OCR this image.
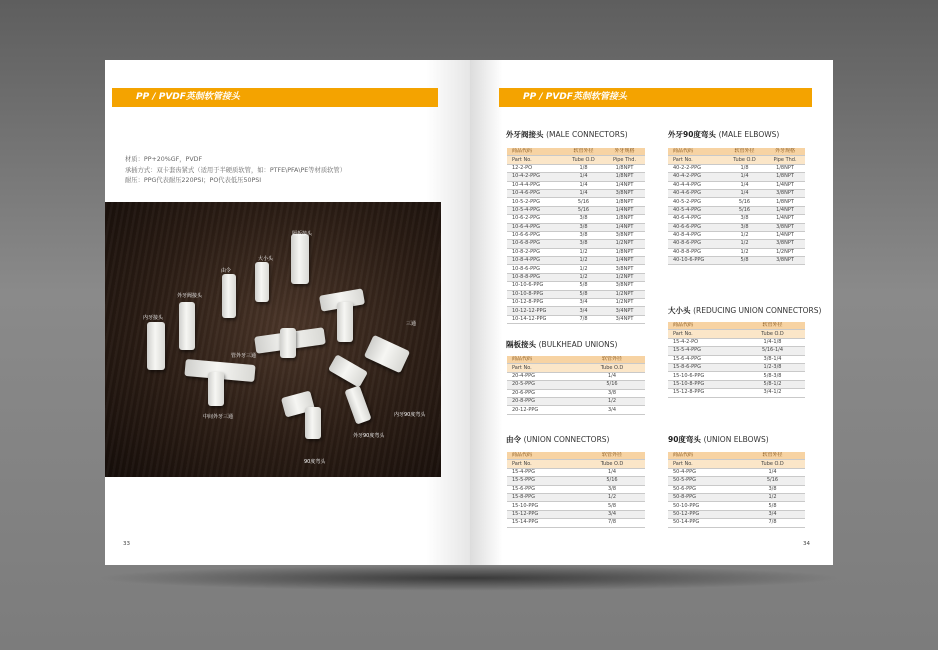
PP / PVDF英制软管接头
材质：PP+20%GF，PVDF
承插方式：双卡套齿紧式（适用于半硬质软管，如：PTFE\PFA\PE等材质软管）
耐压：PPG代表耐压220PSI；PO代表低压50PSI
隔板接头
大小头
由令
外牙阀接头
内牙接头
三通
管外牙三通
中间外牙三通	内牙90度弯头
外牙90度弯头
90度弯头
33
PP / PVDF英制软管接头
外牙阀接头 (MALE CONNECTORS)
商品代码	软管外径	外牙规格
Part No.	Tube O.D	Pipe Thd.
12-2-PO	1/8	1/8NPT
10-4-2-PPG	1/4	1/8NPT
10-4-4-PPG	1/4	1/4NPT
10-4-6-PPG	1/4	3/8NPT
10-5-2-PPG	5/16	1/8NPT
10-5-4-PPG	5/16	1/4NPT
10-6-2-PPG	3/8	1/8NPT
10-6-4-PPG	3/8	1/4NPT
10-6-6-PPG	3/8	3/8NPT
10-6-8-PPG	3/8	1/2NPT
10-8-2-PPG	1/2	1/8NPT
10-8-4-PPG	1/2	1/4NPT
10-8-6-PPG	1/2	3/8NPT
10-8-8-PPG	1/2	1/2NPT
10-10-6-PPG	5/8	3/8NPT
10-10-8-PPG	5/8	1/2NPT
10-12-8-PPG	3/4	1/2NPT
10-12-12-PPG	3/4	3/4NPT
10-14-12-PPG	7/8	3/4NPT
外牙90度弯头 (MALE ELBOWS)
商品代码	软管外径	外牙规格
Part No.	Tube O.D	Pipe Thd.
40-2-2-PPG	1/8	1/8NPT
40-4-2-PPG	1/4	1/8NPT
40-4-4-PPG	1/4	1/4NPT
40-4-6-PPG	1/4	3/8NPT
40-5-2-PPG	5/16	1/8NPT
40-5-4-PPG	5/16	1/4NPT
40-6-4-PPG	3/8	1/4NPT
40-6-6-PPG	3/8	3/8NPT
40-8-4-PPG	1/2	1/4NPT
40-8-6-PPG	1/2	3/8NPT
40-8-8-PPG	1/2	1/2NPT
40-10-6-PPG	5/8	3/8NPT
大小头 (REDUCING UNION CONNECTORS)
商品代码	软管外径
Part No.	Tube O.D
15-4-2-PO	1/4-1/8
15-5-4-PPG	5/16-1/4
15-6-4-PPG	3/8-1/4
15-8-6-PPG	1/2-3/8
15-10-6-PPG	5/8-3/8
15-10-8-PPG	5/8-1/2
15-12-8-PPG	3/4-1/2
隔板接头 (BULKHEAD UNIONS)
商品代码	软管外径
Part No.	Tube O.D
20-4-PPG	1/4
20-5-PPG	5/16
20-6-PPG	3/8
20-8-PPG	1/2
20-12-PPG	3/4
由令 (UNION CONNECTORS)
商品代码	软管外径
Part No.	Tube O.D
15-4-PPG	1/4
15-5-PPG	5/16
15-6-PPG	3/8
15-8-PPG	1/2
15-10-PPG	5/8
15-12-PPG	3/4
15-14-PPG	7/8
90度弯头 (UNION ELBOWS)
商品代码	软管外径
Part No.	Tube O.D
50-4-PPG	1/4
50-5-PPG	5/16
50-6-PPG	3/8
50-8-PPG	1/2
50-10-PPG	5/8
50-12-PPG	3/4
50-14-PPG	7/8
34
